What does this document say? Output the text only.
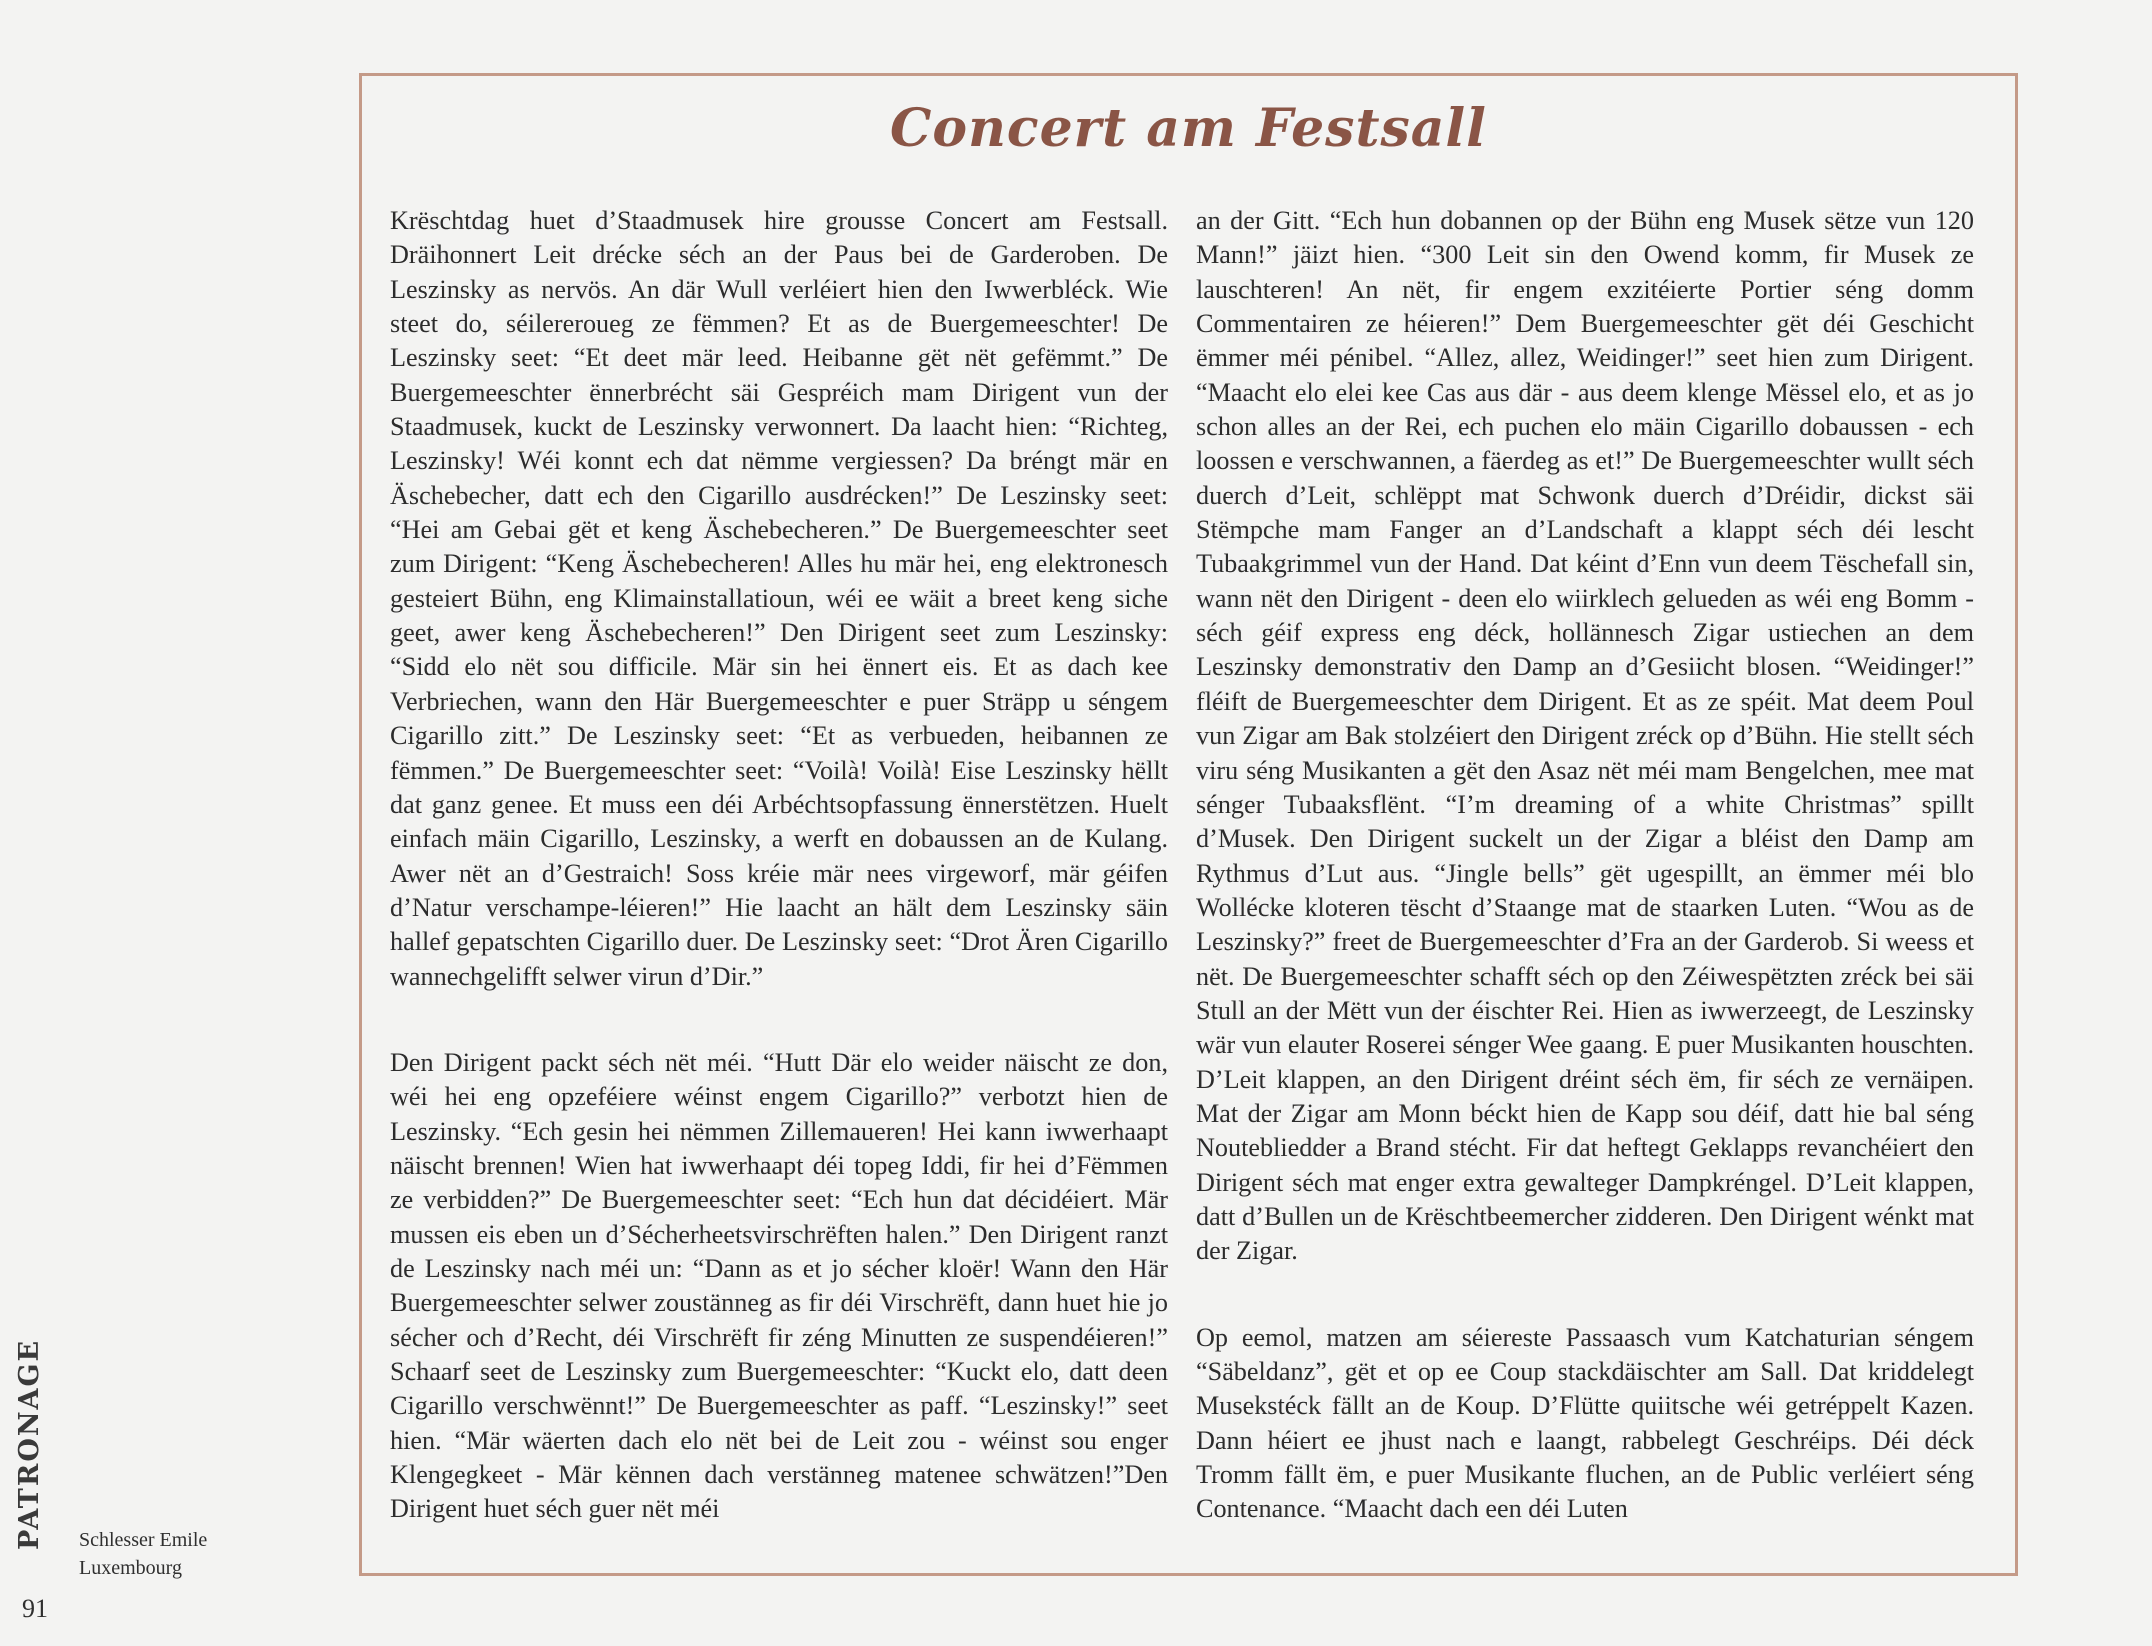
Concert am Festsall

Krëschtdag huet d’Staadmusek hire grousse Concert am Festsall. Dräihonnert Leit drécke séch an der Paus bei de Garderoben. De Leszinsky as nervös. An där Wull verléiert hien den Iwwerbléck. Wie steet do, séilereroueg ze fëmmen? Et as de Buergemeeschter! De Leszinsky seet: “Et deet mär leed. Heibanne gët nët gefëmmt.” De Buergemeeschter ënnerbrécht säi Gespréich mam Dirigent vun der Staadmusek, kuckt de Leszinsky verwonnert. Da laacht hien: “Richteg, Leszinsky! Wéi konnt ech dat nëmme vergiessen? Da bréngt mär en Äschebecher, datt ech den Cigarillo ausdrécken!” De Leszinsky seet: “Hei am Gebai gët et keng Äschebecheren.” De Buergemeeschter seet zum Dirigent: “Keng Äschebecheren! Alles hu mär hei, eng elektronesch gesteiert Bühn, eng Klimainstallatioun, wéi ee wäit a breet keng siche geet, awer keng Äschebecheren!” Den Dirigent seet zum Leszinsky: “Sidd elo nët sou difficile. Mär sin hei ënnert eis. Et as dach kee Verbriechen, wann den Här Buergemeeschter e puer Sträpp u séngem Cigarillo zitt.” De Leszinsky seet: “Et as verbueden, heibannen ze fëmmen.” De Buergemeeschter seet: “Voilà! Voilà! Eise Leszinsky hëllt dat ganz genee. Et muss een déi Arbéchtsopfassung ënnerstëtzen. Huelt einfach mäin Cigarillo, Leszinsky, a werft en dobaussen an de Kulang. Awer nët an d’Gestraich! Soss kréie mär nees virgeworf, mär géifen d’Natur verschampe-léieren!” Hie laacht an hält dem Leszinsky säin hallef gepatschten Cigarillo duer. De Leszinsky seet: “Drot Ären Cigarillo wannechgelifft selwer virun d’Dir.”

Den Dirigent packt séch nët méi. “Hutt Där elo weider näischt ze don, wéi hei eng opzeféiere wéinst engem Cigarillo?” verbotzt hien de Leszinsky. “Ech gesin hei nëmmen Zillemaueren! Hei kann iwwerhaapt näischt brennen! Wien hat iwwerhaapt déi topeg Iddi, fir hei d’Fëmmen ze verbidden?” De Buergemeeschter seet: “Ech hun dat décidéiert. Mär mussen eis eben un d’Sécherheetsvirschrëften halen.” Den Dirigent ranzt de Leszinsky nach méi un: “Dann as et jo sécher kloër! Wann den Här Buergemeeschter selwer zoustänneg as fir déi Virschrëft, dann huet hie jo sécher och d’Recht, déi Virschrëft fir zéng Minutten ze suspendéieren!” Schaarf seet de Leszinsky zum Buergemeeschter: “Kuckt elo, datt deen Cigarillo verschwënnt!” De Buergemeeschter as paff. “Leszinsky!” seet hien. “Mär wäerten dach elo nët bei de Leit zou - wéinst sou enger Klengegkeet - Mär kënnen dach verstänneg matenee schwätzen!”Den Dirigent huet séch guer nët méi

an der Gitt. “Ech hun dobannen op der Bühn eng Musek sëtze vun 120 Mann!” jäizt hien. “300 Leit sin den Owend komm, fir Musek ze lauschteren! An nët, fir engem exzitéierte Portier séng domm Commentairen ze héieren!” Dem Buergemeeschter gët déi Geschicht ëmmer méi pénibel. “Allez, allez, Weidinger!” seet hien zum Dirigent. “Maacht elo elei kee Cas aus där - aus deem klenge Mëssel elo, et as jo schon alles an der Rei, ech puchen elo mäin Cigarillo dobaussen - ech loossen e verschwannen, a fäerdeg as et!” De Buergemeeschter wullt séch duerch d’Leit, schlëppt mat Schwonk duerch d’Dréidir, dickst säi Stëmpche mam Fanger an d’Landschaft a klappt séch déi lescht Tubaakgrimmel vun der Hand. Dat kéint d’Enn vun deem Tëschefall sin, wann nët den Dirigent - deen elo wiirklech gelueden as wéi eng Bomm - séch géif express eng déck, hollännesch Zigar ustiechen an dem Leszinsky demonstrativ den Damp an d’Gesiicht blosen. “Weidinger!” fléift de Buergemeeschter dem Dirigent. Et as ze spéit. Mat deem Poul vun Zigar am Bak stolzéiert den Dirigent zréck op d’Bühn. Hie stellt séch viru séng Musikanten a gët den Asaz nët méi mam Bengelchen, mee mat sénger Tubaaksflënt. “I’m dreaming of a white Christmas” spillt d’Musek. Den Dirigent suckelt un der Zigar a bléist den Damp am Rythmus d’Lut aus. “Jingle bells” gët ugespillt, an ëmmer méi blo Wollécke kloteren tëscht d’Staange mat de staarken Luten. “Wou as de Leszinsky?” freet de Buergemeeschter d’Fra an der Garderob. Si weess et nët. De Buergemeeschter schafft séch op den Zéiwespëtzten zréck bei säi Stull an der Mëtt vun der éischter Rei. Hien as iwwerzeegt, de Leszinsky wär vun elauter Roserei sénger Wee gaang. E puer Musikanten houschten. D’Leit klappen, an den Dirigent dréint séch ëm, fir séch ze vernäipen. Mat der Zigar am Monn béckt hien de Kapp sou déif, datt hie bal séng Noutebliedder a Brand stécht. Fir dat heftegt Geklapps revanchéiert den Dirigent séch mat enger extra gewalteger Dampkréngel. D’Leit klappen, datt d’Bullen un de Krëschtbeemercher zidderen. Den Dirigent wénkt mat der Zigar.

Op eemol, matzen am séiereste Passaasch vum Katchaturian séngem “Säbeldanz”, gët et op ee Coup stackdäischter am Sall. Dat kriddelegt Musekstéck fällt an de Koup. D’Flütte quiitsche wéi getréppelt Kazen. Dann héiert ee jhust nach e laangt, rabbelegt Geschréips. Déi déck Tromm fällt ëm, e puer Musikante fluchen, an de Public verléiert séng Contenance. “Maacht dach een déi Luten

PATRONAGE Schlesser Emile
Luxembourg
91
